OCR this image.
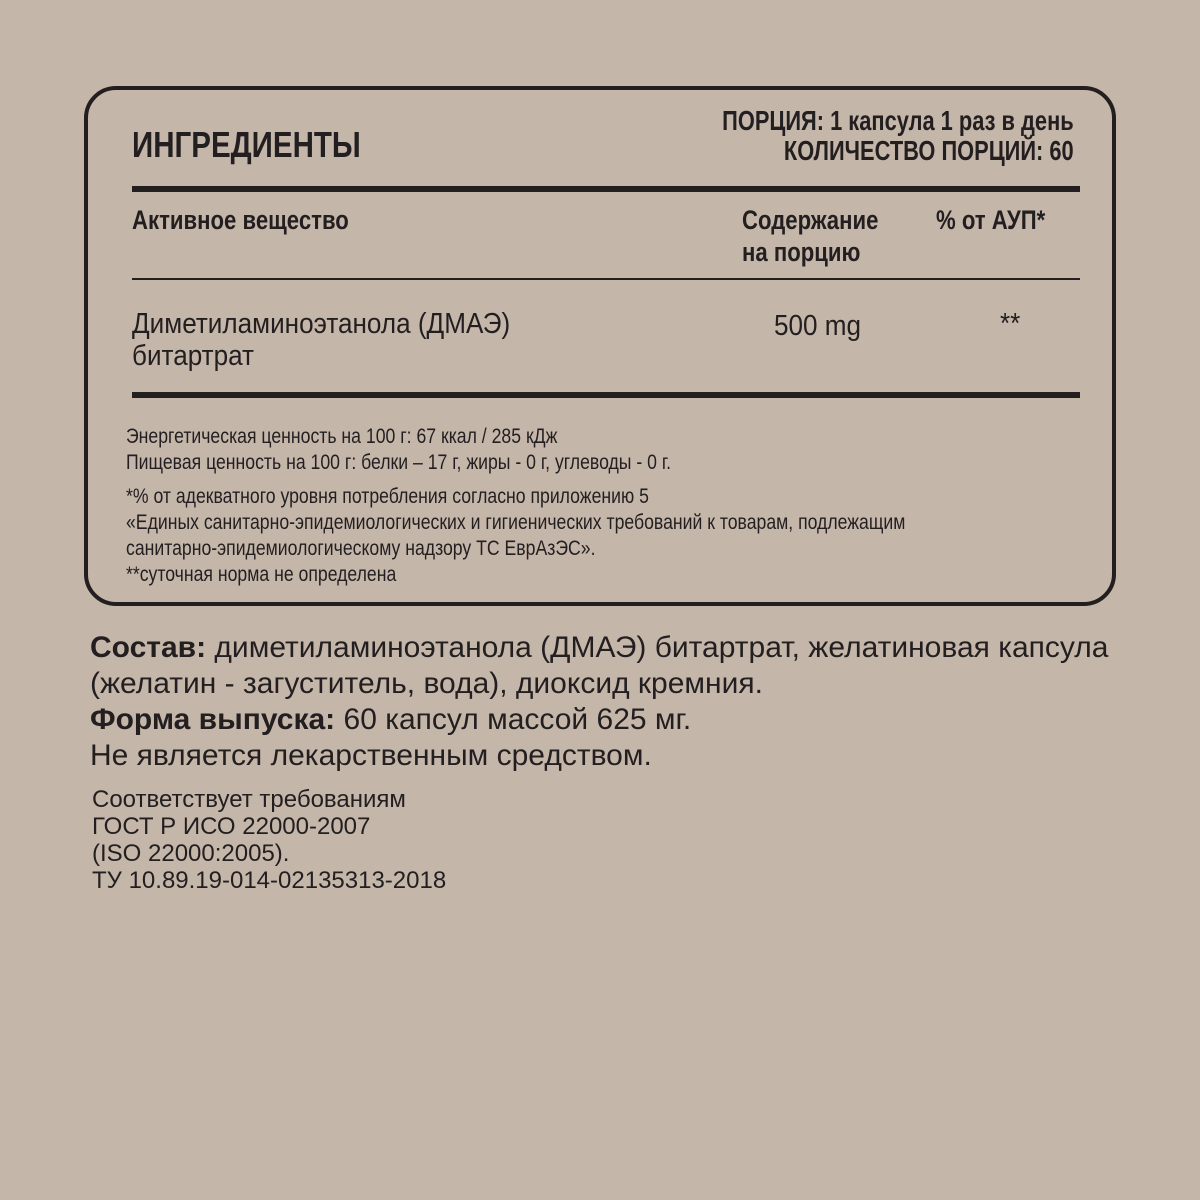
ИНГРЕДИЕНТЫ
ПОРЦИЯ: 1 капсула 1 раз в день
КОЛИЧЕСТВО ПОРЦИЙ: 60
Активное вещество	Содержание
на порцию
% от АУП*
Диметиламиноэтанола (ДМАЭ)
битартрат
500 mg	**
Энергетическая ценность на 100 г: 67 ккал / 285 кДж
Пищевая ценность на 100 г: белки – 17 г, жиры - 0 г, углеводы - 0 г.
*% от адекватного уровня потребления согласно приложению 5
«Единых санитарно-эпидемиологических и гигиенических требований к товарам, подлежащим
санитарно-эпидемиологическому надзору ТС ЕврАзЭС».
**суточная норма не определена
Состав: диметиламиноэтанола (ДМАЭ) битартрат, желатиновая капсула (желатин - загуститель, вода), диоксид кремния.
Форма выпуска: 60 капсул массой 625 мг.
Не является лекарственным средством.
Соответствует требованиям
ГОСТ Р ИСО 22000-2007
(ISO 22000:2005).
ТУ 10.89.19-014-02135313-2018
